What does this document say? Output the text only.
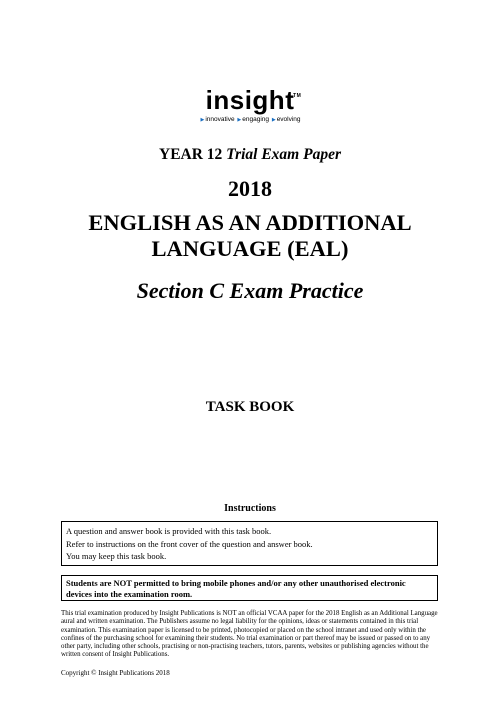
insight
TM
▶innovative ▶engaging ▶evolving
YEAR 12 Trial Exam Paper
2018
ENGLISH AS AN ADDITIONAL
LANGUAGE (EAL)
Section C Exam Practice
TASK BOOK
Instructions
A question and answer book is provided with this task book.
Refer to instructions on the front cover of the question and answer book.
You may keep this task book.
Students are NOT permitted to bring mobile phones and/or any other unauthorised electronic devices into the examination room.
This trial examination produced by Insight Publications is NOT an official VCAA paper for the 2018 English as an Additional Language aural and written examination. The Publishers assume no legal liability for the opinions, ideas or statements contained in this trial examination. This examination paper is licensed to be printed, photocopied or placed on the school intranet and used only within the confines of the purchasing school for examining their students. No trial examination or part thereof may be issued or passed on to any other party, including other schools, practising or non-practising teachers, tutors, parents, websites or publishing agencies without the written consent of Insight Publications.
Copyright © Insight Publications 2018
